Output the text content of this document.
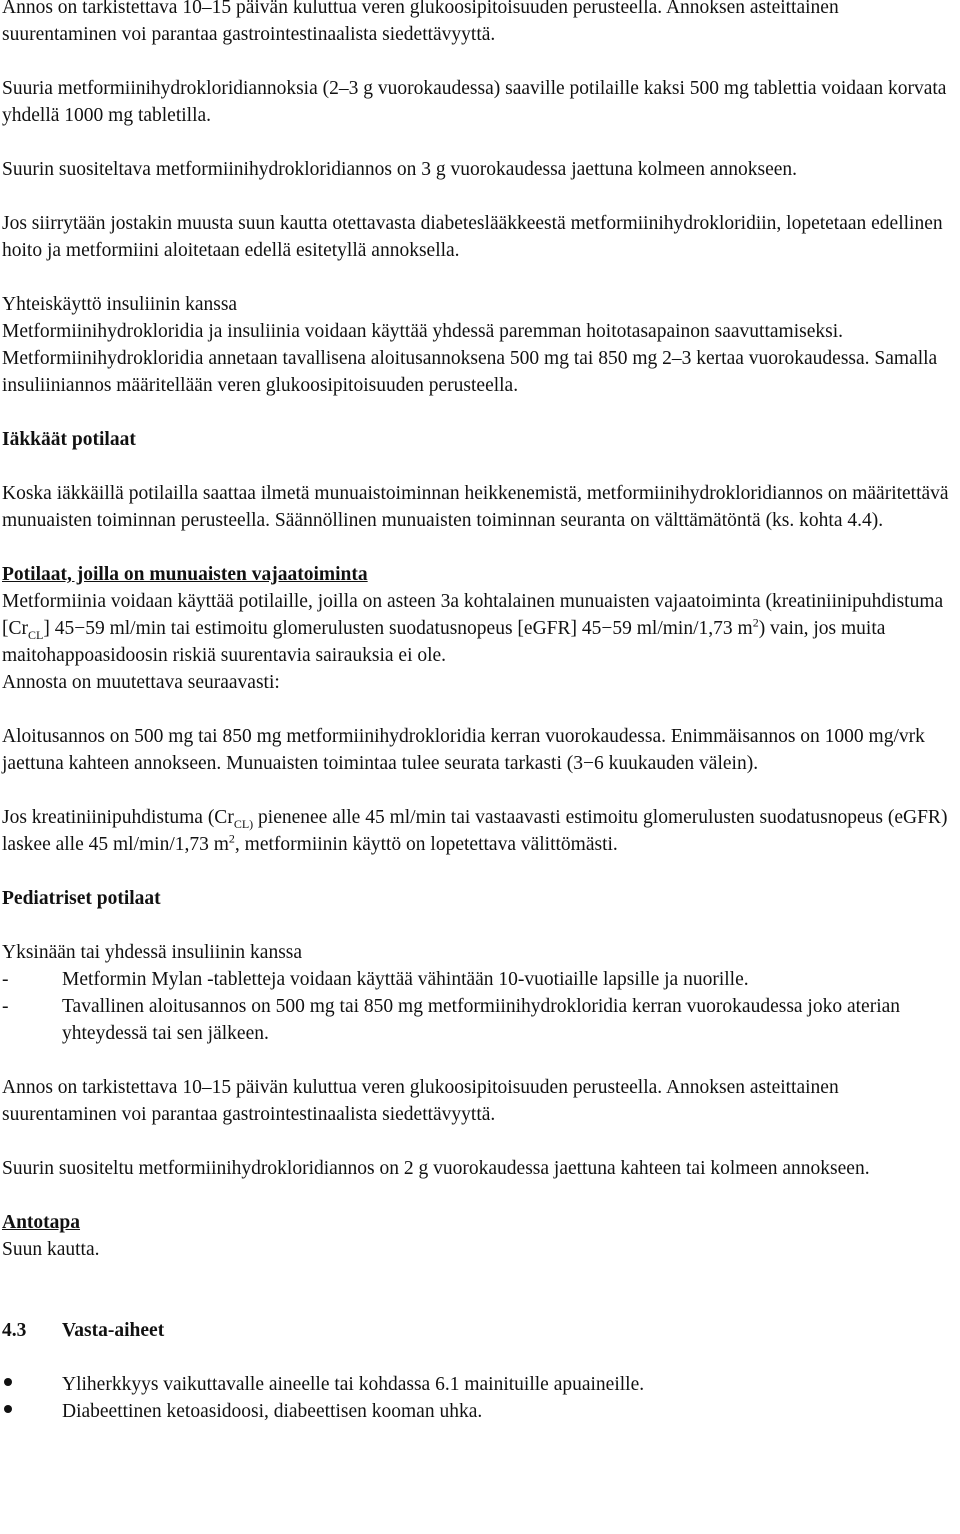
Annos on tarkistettava 10–15 päivän kuluttua veren glukoosipitoisuuden perusteella. Annoksen asteittainen suurentaminen voi parantaa gastrointestinaalista siedettävyyttä.

Suuria metformiinihydrokloridiannoksia (2–3 g vuorokaudessa) saaville potilaille kaksi 500 mg tablettia voidaan korvata yhdellä 1000 mg tabletilla.

Suurin suositeltava metformiinihydrokloridiannos on 3 g vuorokaudessa jaettuna kolmeen annokseen.

Jos siirrytään jostakin muusta suun kautta otettavasta diabeteslääkkeestä metformiinihydrokloridiin, lopetetaan edellinen hoito ja metformiini aloitetaan edellä esitetyllä annoksella.

Yhteiskäyttö insuliinin kanssa

Metformiinihydrokloridia ja insuliinia voidaan käyttää yhdessä paremman hoitotasapainon saavuttamiseksi. Metformiinihydrokloridia annetaan tavallisena aloitusannoksena 500 mg tai 850 mg 2–3 kertaa vuorokaudessa. Samalla insuliiniannos määritellään veren glukoosipitoisuuden perusteella.

Iäkkäät potilaat

Koska iäkkäillä potilailla saattaa ilmetä munuaistoiminnan heikkenemistä, metformiinihydrokloridiannos on määritettävä munuaisten toiminnan perusteella. Säännöllinen munuaisten toiminnan seuranta on välttämätöntä (ks. kohta 4.4).

Potilaat, joilla on munuaisten vajaatoiminta

Metformiinia voidaan käyttää potilaille, joilla on asteen 3a kohtalainen munuaisten vajaatoiminta (kreatiniinipuhdistuma $[Cr_{CL}]$ 45−59 ml/min tai estimoitu glomerulusten suodatusnopeus [eGFR] 45−59 ml/min/1,73 $m^2$) vain, jos muita maitohappoasidoosin riskiä suurentavia sairauksia ei ole.

Annosta on muutettava seuraavasti:

Aloitusannos on 500 mg tai 850 mg metformiinihydrokloridia kerran vuorokaudessa. Enimmäisannos on 1000 mg/vrk jaettuna kahteen annokseen. Munuaisten toimintaa tulee seurata tarkasti (3−6 kuukauden välein).

Jos kreatiniinipuhdistuma ($Cr_{CL)}$ pienenee alle 45 ml/min tai vastaavasti estimoitu glomerulusten suodatusnopeus (eGFR) laskee alle 45 ml/min/1,73 $m^2$, metformiinin käyttö on lopetettava välittömästi.

Pediatriset potilaat

Yksinään tai yhdessä insuliinin kanssa

-	Metformin Mylan -tabletteja voidaan käyttää vähintään 10-vuotiaille lapsille ja nuorille.
-	Tavallinen aloitusannos on 500 mg tai 850 mg metformiinihydrokloridia kerran vuorokaudessa joko aterian yhteydessä tai sen jälkeen.

Annos on tarkistettava 10–15 päivän kuluttua veren glukoosipitoisuuden perusteella. Annoksen asteittainen suurentaminen voi parantaa gastrointestinaalista siedettävyyttä.

Suurin suositeltu metformiinihydrokloridiannos on 2 g vuorokaudessa jaettuna kahteen tai kolmeen annokseen.

Antotapa

Suun kautta.

4.3	Vasta-aiheet
Yliherkkyys vaikuttavalle aineelle tai kohdassa 6.1 mainituille apuaineille.
Diabeettinen ketoasidoosi, diabeettisen kooman uhka.
